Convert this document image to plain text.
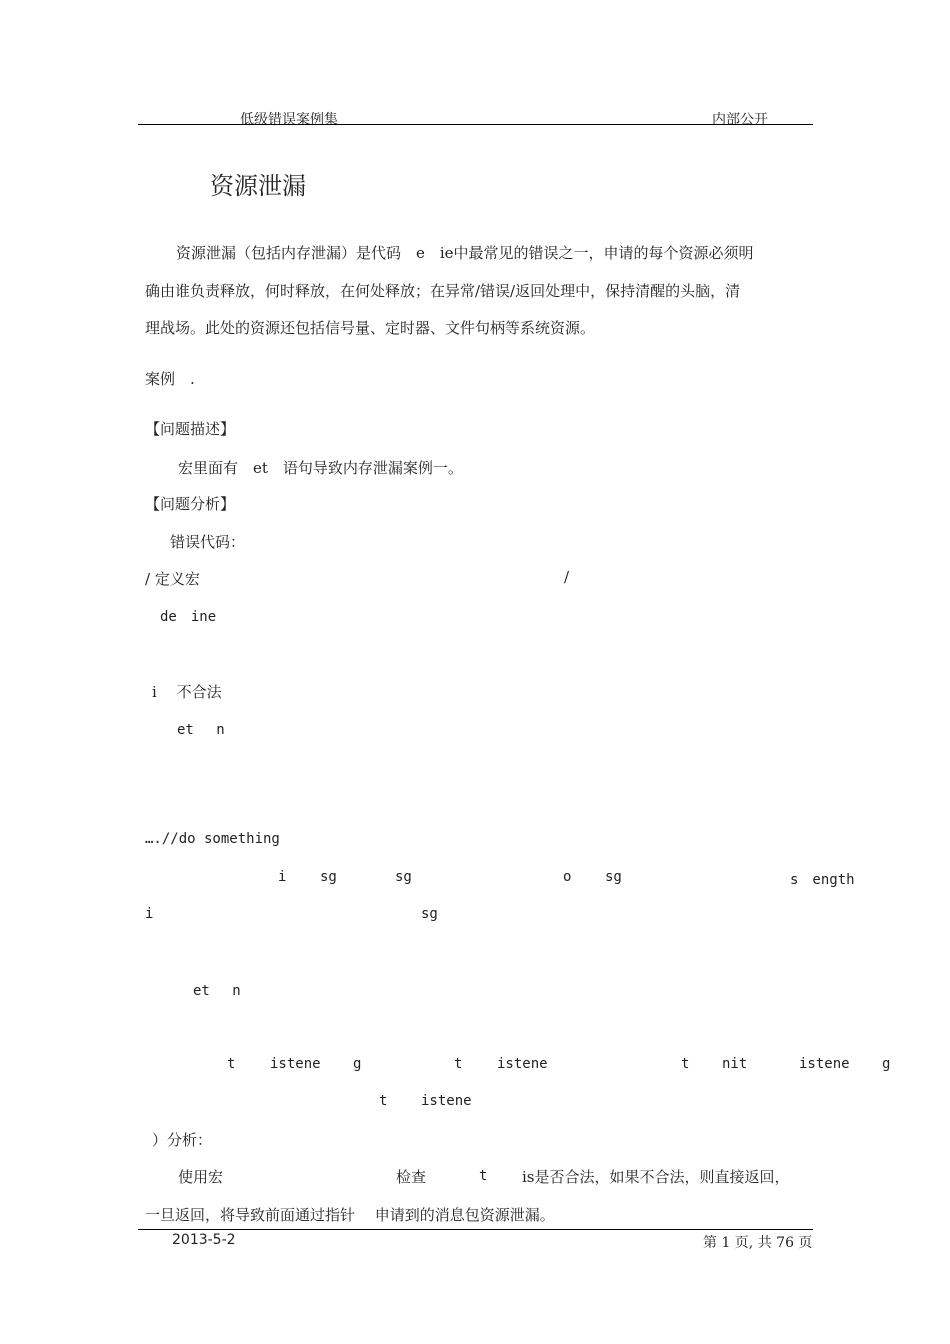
低级错误案例集	内部公开
资源泄漏
资源泄漏（包括内存泄漏）是代码　e　ie中最常见的错误之一，申请的每个资源必须明
确由谁负责释放，何时释放，在何处释放；在异常/错误/返回处理中，保持清醒的头脑，清
理战场。此处的资源还包括信号量、定时器、文件句柄等系统资源。
案例　.
【问题描述】
宏里面有　et　语句导致内存泄漏案例一。
【问题分析】
错误代码：
/ 定义宏	/
de　ine
i　 不合法
et　 n
….//do something
i sg	sg	o sg	s　ength
i	sg
et　 n
t istene g	t istene	t nit	istene g
t istene
）分析：
使用宏	检查	t is是否合法，如果不合法，则直接返回，
一旦返回，将导致前面通过指针　 申请到的消息包资源泄漏。
2013-5-2	第 1 页, 共 76 页
